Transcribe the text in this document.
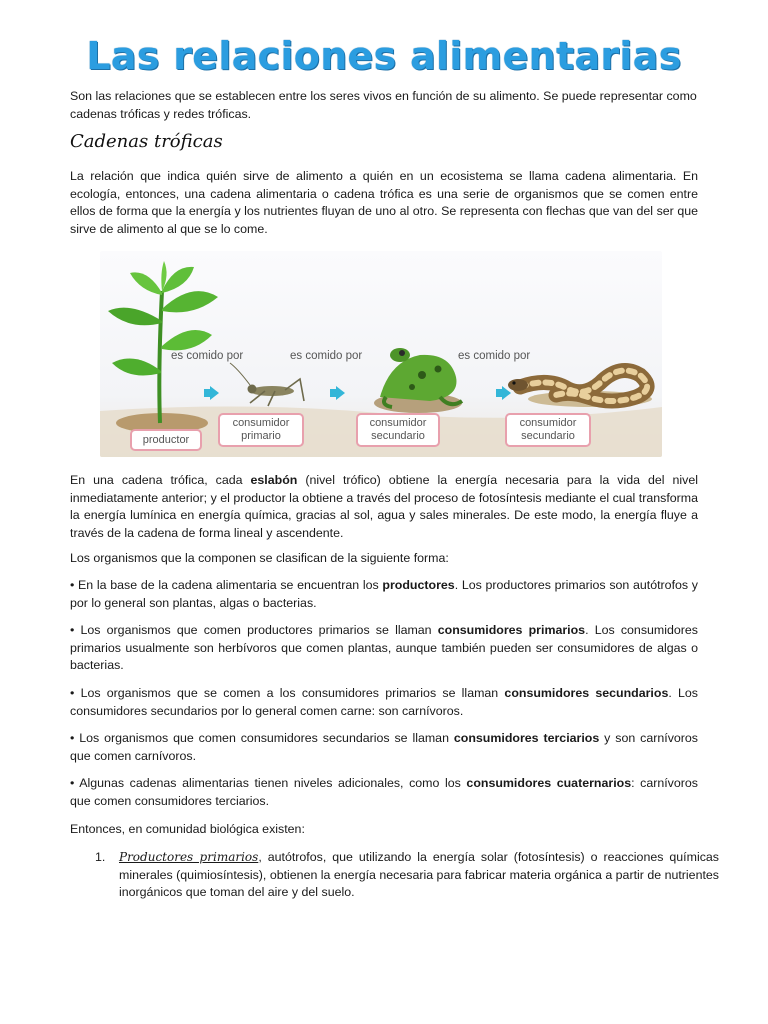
Las relaciones alimentarias

Son las relaciones que se establecen entre los seres vivos en función de su alimento. Se puede representar como cadenas tróficas y redes tróficas.

Cadenas tróficas

La relación que indica quién sirve de alimento a quién en un ecosistema se llama cadena alimentaria. En ecología, entonces, una cadena alimentaria o cadena trófica es una serie de organismos que se comen entre ellos de forma que la energía y los nutrientes fluyan de uno al otro. Se representa con flechas que van del ser que sirve de alimento al que se lo come.

es comido por	es comido por	es comido por
productor
consumidor
primario
consumidor
secundario
consumidor
secundario

En una cadena trófica, cada eslabón (nivel trófico) obtiene la energía necesaria para la vida del nivel inmediatamente anterior; y el productor la obtiene a través del proceso de fotosíntesis mediante el cual transforma la energía lumínica en energía química, gracias al sol, agua y sales minerales. De este modo, la energía fluye a través de la cadena de forma lineal y ascendente.

Los organismos que la componen se clasifican de la siguiente forma:

• En la base de la cadena alimentaria se encuentran los productores. Los productores primarios son autótrofos y por lo general son plantas, algas o bacterias.

• Los organismos que comen productores primarios se llaman consumidores primarios. Los consumidores primarios usualmente son herbívoros que comen plantas, aunque también pueden ser consumidores de algas o bacterias.

• Los organismos que se comen a los consumidores primarios se llaman consumidores secundarios. Los consumidores secundarios por lo general comen carne: son carnívoros.

• Los organismos que comen consumidores secundarios se llaman consumidores terciarios y son carnívoros que comen carnívoros.

• Algunas cadenas alimentarias tienen niveles adicionales, como los consumidores cuaternarios: carnívoros que comen consumidores terciarios.

Entonces, en comunidad biológica existen:

1.	Productores primarios, autótrofos, que utilizando la energía solar (fotosíntesis) o reacciones químicas minerales (quimiosíntesis), obtienen la energía necesaria para fabricar materia orgánica a partir de nutrientes inorgánicos que toman del aire y del suelo.
